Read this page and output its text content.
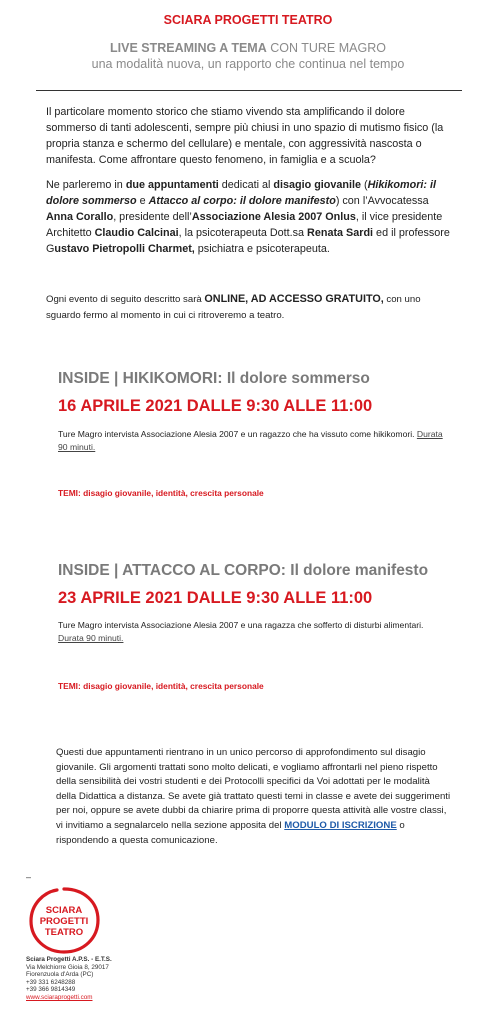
SCIARA PROGETTI TEATRO
LIVE STREAMING A TEMA CON TURE MAGRO
una modalità nuova, un rapporto che continua nel tempo
Il particolare momento storico che stiamo vivendo sta amplificando il dolore sommerso di tanti adolescenti, sempre più chiusi in uno spazio di mutismo fisico (la propria stanza e schermo del cellulare) e mentale, con aggressività nascosta o manifesta. Come affrontare questo fenomeno, in famiglia e a scuola?
Ne parleremo in due appuntamenti dedicati al disagio giovanile (Hikikomori: il dolore sommerso e Attacco al corpo: il dolore manifesto) con l’Avvocatessa Anna Corallo, presidente dell’Associazione Alesia 2007 Onlus, il vice presidente Architetto Claudio Calcinai, la psicoterapeuta Dott.sa Renata Sardi ed il professore Gustavo Pietropolli Charmet, psichiatra e psicoterapeuta.
Ogni evento di seguito descritto sarà ONLINE, AD ACCESSO GRATUITO, con uno sguardo fermo al momento in cui ci ritroveremo a teatro.
INSIDE | HIKIKOMORI: Il dolore sommerso
16 APRILE 2021 DALLE 9:30 ALLE 11:00
Ture Magro intervista Associazione Alesia 2007 e un ragazzo che ha vissuto come hikikomori. Durata 90 minuti.
TEMI: disagio giovanile, identità, crescita personale
INSIDE | ATTACCO AL CORPO: Il dolore manifesto
23 APRILE 2021 DALLE 9:30 ALLE 11:00
Ture Magro intervista Associazione Alesia 2007 e una ragazza che sofferto di disturbi alimentari. Durata 90 minuti.
TEMI: disagio giovanile, identità, crescita personale
Questi due appuntamenti rientrano in un unico percorso di approfondimento sul disagio giovanile. Gli argomenti trattati sono molto delicati, e vogliamo affrontarli nel pieno rispetto della sensibilità dei vostri studenti e dei Protocolli specifici da Voi adottati per le modalità della Didattica a distanza. Se avete già trattato questi temi in classe e avete dei suggerimenti per noi, oppure se avete dubbi da chiarire prima di proporre questa attività alle vostre classi, vi invitiamo a segnalarcelo nella sezione apposita del MODULO DI ISCRIZIONE o rispondendo a questa comunicazione.
–
SCIARA
PROGETTI
TEATRO
Sciara Progetti A.P.S. - E.T.S.
Via Melchiorre Gioia 8, 29017
Fiorenzuola d'Arda (PC)
+39 331 6248288
+39 366 9814349
www.sciaraprogetti.com
